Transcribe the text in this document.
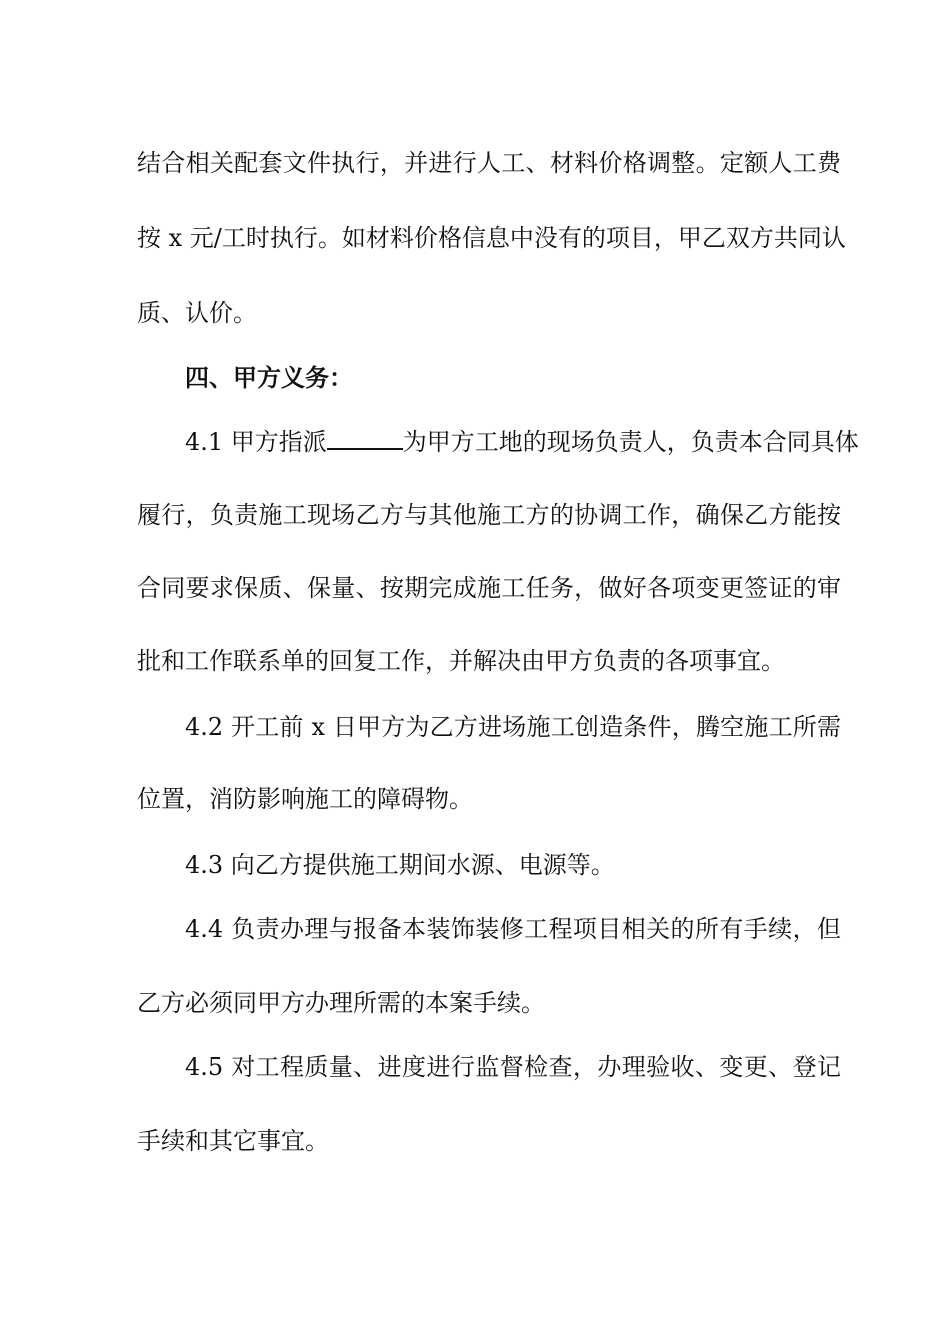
结合相关配套文件执行，并进行人工、材料价格调整。定额人工费
按 x 元/工时执行。如材料价格信息中没有的项目，甲乙双方共同认
质、认价。
四、甲方义务：
4.1 甲方指派	为甲方工地的现场负责人，负责本合同具体
履行，负责施工现场乙方与其他施工方的协调工作，确保乙方能按
合同要求保质、保量、按期完成施工任务，做好各项变更签证的审
批和工作联系单的回复工作，并解决由甲方负责的各项事宜。
4.2 开工前 x 日甲方为乙方进场施工创造条件，腾空施工所需
位置，消防影响施工的障碍物。
4.3 向乙方提供施工期间水源、电源等。
4.4 负责办理与报备本装饰装修工程项目相关的所有手续，但
乙方必须同甲方办理所需的本案手续。
4.5 对工程质量、进度进行监督检查，办理验收、变更、登记
手续和其它事宜。
